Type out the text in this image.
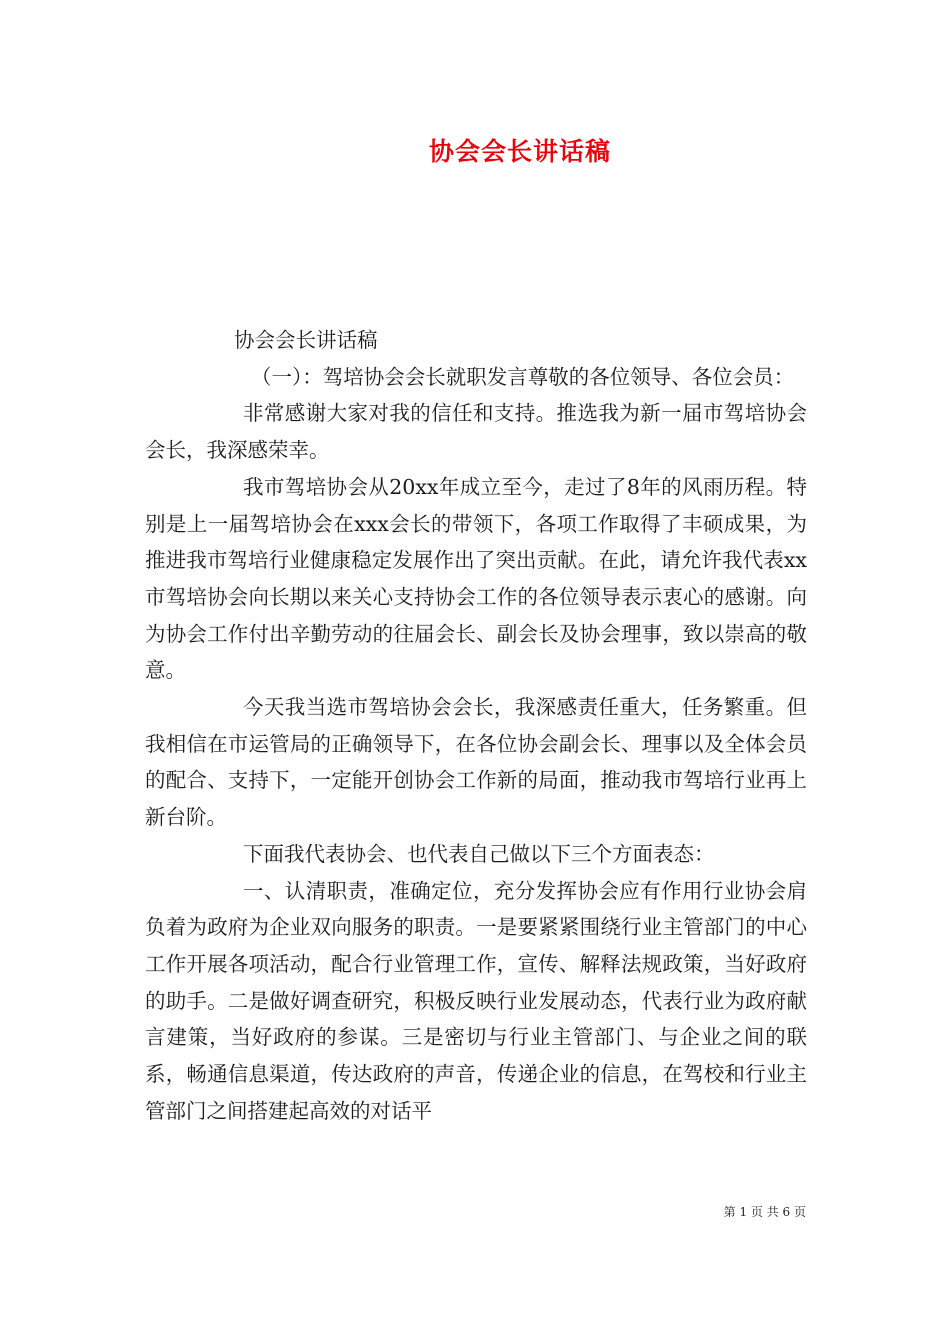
协会会长讲话稿

协会会长讲话稿

（一）：驾培协会会长就职发言尊敬的各位领导、各位会员：

非常感谢大家对我的信任和支持。推选我为新一届市驾培协会会长，我深感荣幸。

我市驾培协会从20xx年成立至今，走过了8年的风雨历程。特别是上一届驾培协会在xxx会长的带领下，各项工作取得了丰硕成果，为推进我市驾培行业健康稳定发展作出了突出贡献。在此，请允许我代表xx市驾培协会向长期以来关心支持协会工作的各位领导表示衷心的感谢。向为协会工作付出辛勤劳动的往届会长、副会长及协会理事，致以崇高的敬意。

今天我当选市驾培协会会长，我深感责任重大，任务繁重。但我相信在市运管局的正确领导下，在各位协会副会长、理事以及全体会员的配合、支持下，一定能开创协会工作新的局面，推动我市驾培行业再上新台阶。

下面我代表协会、也代表自己做以下三个方面表态：

一、认清职责，准确定位，充分发挥协会应有作用行业协会肩负着为政府为企业双向服务的职责。一是要紧紧围绕行业主管部门的中心工作开展各项活动，配合行业管理工作，宣传、解释法规政策，当好政府的助手。二是做好调查研究，积极反映行业发展动态，代表行业为政府献言建策，当好政府的参谋。三是密切与行业主管部门、与企业之间的联系，畅通信息渠道，传达政府的声音，传递企业的信息，在驾校和行业主管部门之间搭建起高效的对话平

第 1 页 共 6 页
